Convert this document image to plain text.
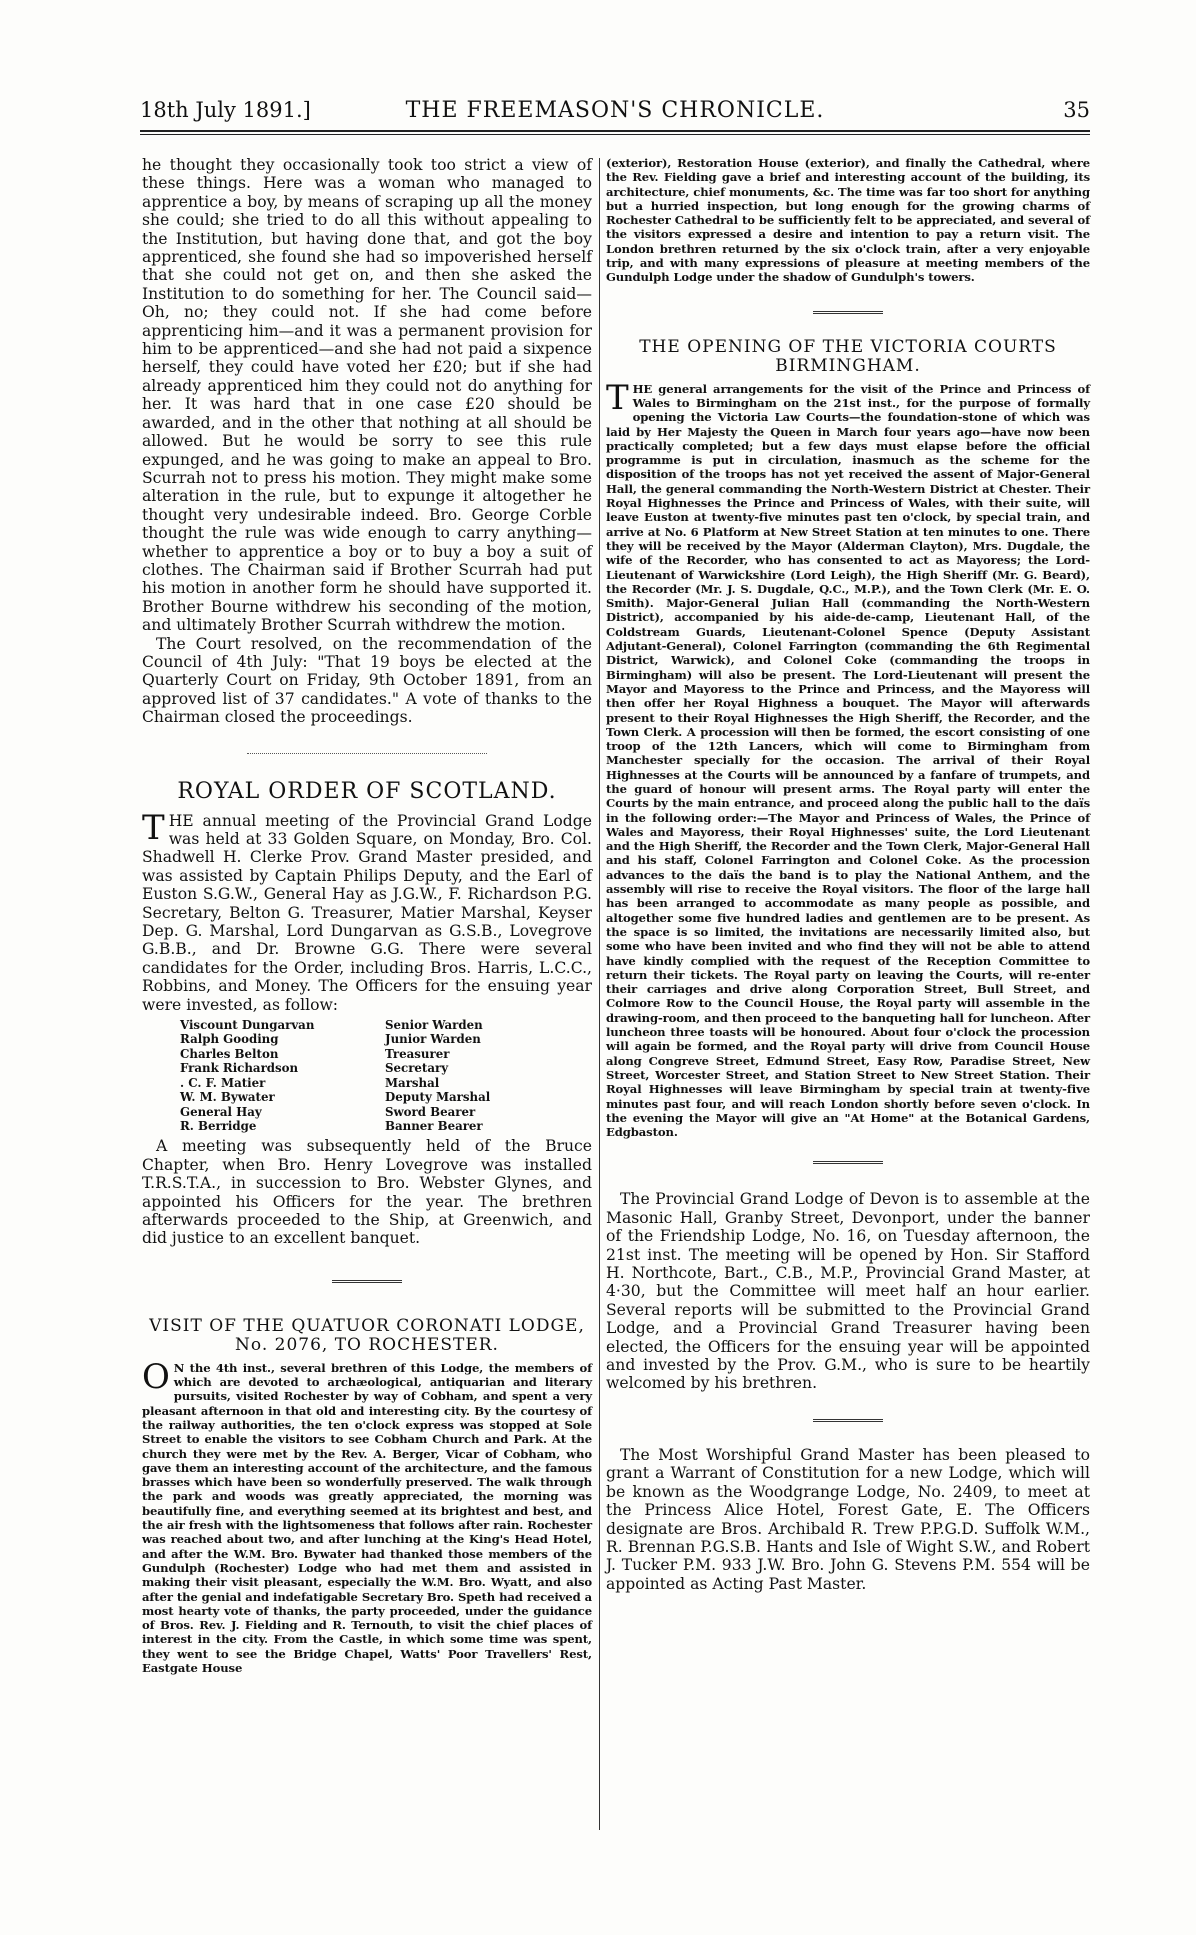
18th July 1891.]	THE FREEMASON'S CHRONICLE.	35

he thought they occasionally took too strict a view of these things. Here was a woman who managed to apprentice a boy, by means of scraping up all the money she could; she tried to do all this without appealing to the Institution, but having done that, and got the boy apprenticed, she found she had so impoverished herself that she could not get on, and then she asked the Institution to do something for her. The Council said—Oh, no; they could not. If she had come before apprenticing him—and it was a permanent provision for him to be apprenticed—and she had not paid a sixpence herself, they could have voted her £20; but if she had already apprenticed him they could not do anything for her. It was hard that in one case £20 should be awarded, and in the other that nothing at all should be allowed. But he would be sorry to see this rule expunged, and he was going to make an appeal to Bro. Scurrah not to press his motion. They might make some alteration in the rule, but to expunge it altogether he thought very undesirable indeed. Bro. George Corble thought the rule was wide enough to carry anything—whether to apprentice a boy or to buy a boy a suit of clothes. The Chairman said if Brother Scurrah had put his motion in another form he should have supported it. Brother Bourne withdrew his seconding of the motion, and ultimately Brother Scurrah withdrew the motion.

The Court resolved, on the recommendation of the Council of 4th July: "That 19 boys be elected at the Quarterly Court on Friday, 9th October 1891, from an approved list of 37 candidates." A vote of thanks to the Chairman closed the proceedings.

ROYAL ORDER OF SCOTLAND.

THE annual meeting of the Provincial Grand Lodge was held at 33 Golden Square, on Monday, Bro. Col. Shadwell H. Clerke Prov. Grand Master presided, and was assisted by Captain Philips Deputy, and the Earl of Euston S.G.W., General Hay as J.G.W., F. Richardson P.G. Secretary, Belton G. Treasurer, Matier Marshal, Keyser Dep. G. Marshal, Lord Dungarvan as G.S.B., Lovegrove G.B.B., and Dr. Browne G.G. There were several candidates for the Order, including Bros. Harris, L.C.C., Robbins, and Money. The Officers for the ensuing year were invested, as follow:

Viscount Dungarvan	Senior Warden
Ralph Gooding	Junior Warden
Charles Belton	Treasurer
Frank Richardson	Secretary
. C. F. Matier	Marshal
W. M. Bywater	Deputy Marshal
General Hay	Sword Bearer
R. Berridge	Banner Bearer

A meeting was subsequently held of the Bruce Chapter, when Bro. Henry Lovegrove was installed T.R.S.T.A., in succession to Bro. Webster Glynes, and appointed his Officers for the year. The brethren afterwards proceeded to the Ship, at Greenwich, and did justice to an excellent banquet.

VISIT OF THE QUATUOR CORONATI LODGE,
No. 2076, TO ROCHESTER.

O N the 4th inst., several brethren of this Lodge, the members of which are devoted to archæological, antiquarian and literary pursuits, visited Rochester by way of Cobham, and spent a very pleasant afternoon in that old and interesting city. By the courtesy of the railway authorities, the ten o'clock express was stopped at Sole Street to enable the visitors to see Cobham Church and Park. At the church they were met by the Rev. A. Berger, Vicar of Cobham, who gave them an interesting account of the architecture, and the famous brasses which have been so wonderfully preserved. The walk through the park and woods was greatly appreciated, the morning was beautifully fine, and everything seemed at its brightest and best, and the air fresh with the lightsomeness that follows after rain. Rochester was reached about two, and after lunching at the King's Head Hotel, and after the W.M. Bro. Bywater had thanked those members of the Gundulph (Rochester) Lodge who had met them and assisted in making their visit pleasant, especially the W.M. Bro. Wyatt, and also after the genial and indefatigable Secretary Bro. Speth had received a most hearty vote of thanks, the party proceeded, under the guidance of Bros. Rev. J. Fielding and R. Ternouth, to visit the chief places of interest in the city. From the Castle, in which some time was spent, they went to see the Bridge Chapel, Watts' Poor Travellers' Rest, Eastgate House

(exterior), Restoration House (exterior), and finally the Cathedral, where the Rev. Fielding gave a brief and interesting account of the building, its architecture, chief monuments, &c. The time was far too short for anything but a hurried inspection, but long enough for the growing charms of Rochester Cathedral to be sufficiently felt to be appreciated, and several of the visitors expressed a desire and intention to pay a return visit. The London brethren returned by the six o'clock train, after a very enjoyable trip, and with many expressions of pleasure at meeting members of the Gundulph Lodge under the shadow of Gundulph's towers.

THE OPENING OF THE VICTORIA COURTS
BIRMINGHAM.

THE general arrangements for the visit of the Prince and Princess of Wales to Birmingham on the 21st inst., for the purpose of formally opening the Victoria Law Courts—the foundation-stone of which was laid by Her Majesty the Queen in March four years ago—have now been practically completed; but a few days must elapse before the official programme is put in circulation, inasmuch as the scheme for the disposition of the troops has not yet received the assent of Major-General Hall, the general commanding the North-Western District at Chester. Their Royal Highnesses the Prince and Princess of Wales, with their suite, will leave Euston at twenty-five minutes past ten o'clock, by special train, and arrive at No. 6 Platform at New Street Station at ten minutes to one. There they will be received by the Mayor (Alderman Clayton), Mrs. Dugdale, the wife of the Recorder, who has consented to act as Mayoress; the Lord-Lieutenant of Warwickshire (Lord Leigh), the High Sheriff (Mr. G. Beard), the Recorder (Mr. J. S. Dugdale, Q.C., M.P.), and the Town Clerk (Mr. E. O. Smith). Major-General Julian Hall (commanding the North-Western District), accompanied by his aide-de-camp, Lieutenant Hall, of the Coldstream Guards, Lieutenant-Colonel Spence (Deputy Assistant Adjutant-General), Colonel Farrington (commanding the 6th Regimental District, Warwick), and Colonel Coke (commanding the troops in Birmingham) will also be present. The Lord-Lieutenant will present the Mayor and Mayoress to the Prince and Princess, and the Mayoress will then offer her Royal Highness a bouquet. The Mayor will afterwards present to their Royal Highnesses the High Sheriff, the Recorder, and the Town Clerk. A procession will then be formed, the escort consisting of one troop of the 12th Lancers, which will come to Birmingham from Manchester specially for the occasion. The arrival of their Royal Highnesses at the Courts will be announced by a fanfare of trumpets, and the guard of honour will present arms. The Royal party will enter the Courts by the main entrance, and proceed along the public hall to the daïs in the following order:—The Mayor and Princess of Wales, the Prince of Wales and Mayoress, their Royal Highnesses' suite, the Lord Lieutenant and the High Sheriff, the Recorder and the Town Clerk, Major-General Hall and his staff, Colonel Farrington and Colonel Coke. As the procession advances to the daïs the band is to play the National Anthem, and the assembly will rise to receive the Royal visitors. The floor of the large hall has been arranged to accommodate as many people as possible, and altogether some five hundred ladies and gentlemen are to be present. As the space is so limited, the invitations are necessarily limited also, but some who have been invited and who find they will not be able to attend have kindly complied with the request of the Reception Committee to return their tickets. The Royal party on leaving the Courts, will re-enter their carriages and drive along Corporation Street, Bull Street, and Colmore Row to the Council House, the Royal party will assemble in the drawing-room, and then proceed to the banqueting hall for luncheon. After luncheon three toasts will be honoured. About four o'clock the procession will again be formed, and the Royal party will drive from Council House along Congreve Street, Edmund Street, Easy Row, Paradise Street, New Street, Worcester Street, and Station Street to New Street Station. Their Royal Highnesses will leave Birmingham by special train at twenty-five minutes past four, and will reach London shortly before seven o'clock. In the evening the Mayor will give an "At Home" at the Botanical Gardens, Edgbaston.

The Provincial Grand Lodge of Devon is to assemble at the Masonic Hall, Granby Street, Devonport, under the banner of the Friendship Lodge, No. 16, on Tuesday afternoon, the 21st inst. The meeting will be opened by Hon. Sir Stafford H. Northcote, Bart., C.B., M.P., Provincial Grand Master, at 4·30, but the Committee will meet half an hour earlier. Several reports will be submitted to the Provincial Grand Lodge, and a Provincial Grand Treasurer having been elected, the Officers for the ensuing year will be appointed and invested by the Prov. G.M., who is sure to be heartily welcomed by his brethren.

The Most Worshipful Grand Master has been pleased to grant a Warrant of Constitution for a new Lodge, which will be known as the Woodgrange Lodge, No. 2409, to meet at the Princess Alice Hotel, Forest Gate, E. The Officers designate are Bros. Archibald R. Trew P.P.G.D. Suffolk W.M., R. Brennan P.G.S.B. Hants and Isle of Wight S.W., and Robert J. Tucker P.M. 933 J.W. Bro. John G. Stevens P.M. 554 will be appointed as Acting Past Master.
